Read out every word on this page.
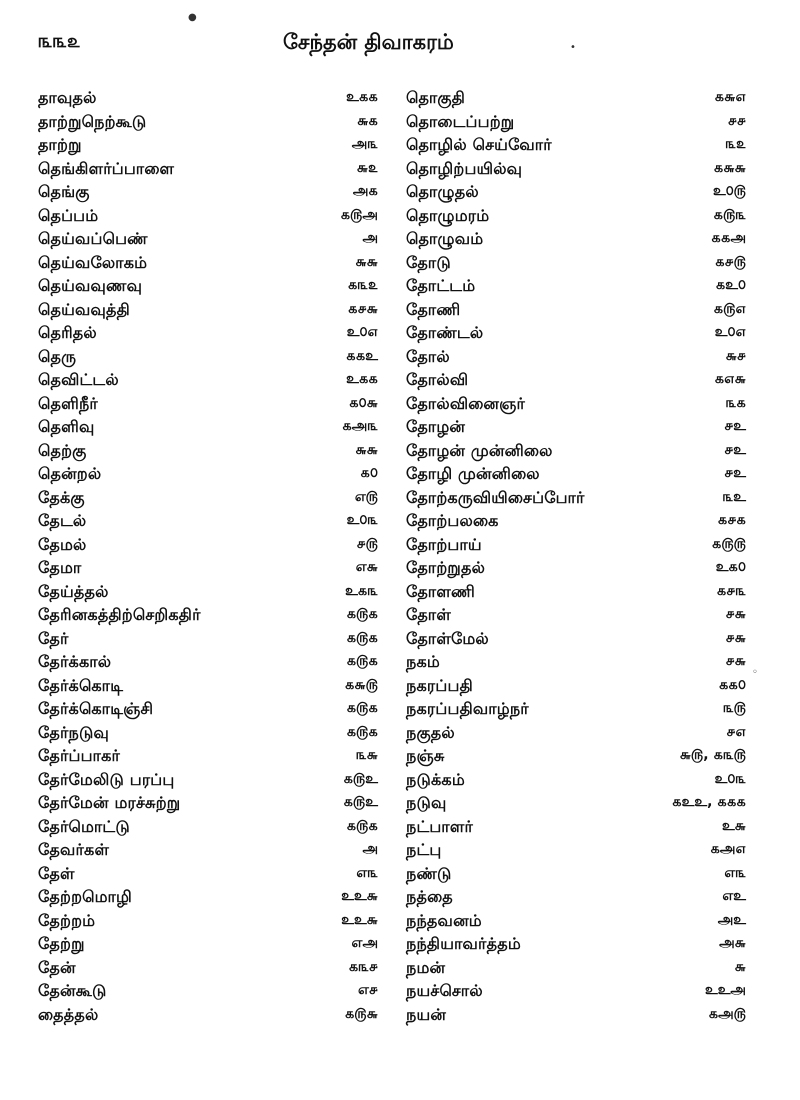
௩௩௨	சேந்தன் திவாகரம்
தாவுதல்	உ௧௧
தாற்றுநெற்கூடு	௬௧
தாற்று	அ௩
தெங்கிளர்ப்பாளை	௬௨
தெங்கு	அ௧
தெப்பம்	௧௫அ
தெய்வப்பெண்	அ
தெய்வலோகம்	௬௬
தெய்வவுணவு	௧௩௨
தெய்வவுத்தி	௧௪௬
தெரிதல்	உ௦௭
தெரு	௧௧உ
தெவிட்டல்	உ௧௧
தெளிநீர்	௧௦௬
தெளிவு	௧அ௩
தெற்கு	௬௬
தென்றல்	௧௦
தேக்கு	எ௫
தேடல்	உ௦௩
தேமல்	௪௫
தேமா	எ௬
தேய்த்தல்	உ௧௩
தேரினகத்திற்செறிகதிர்	௧௫௧
தேர்	௧௫௧
தேர்க்கால்	௧௫௧
தேர்க்கொடி	௧௬௫
தேர்க்கொடிஞ்சி	௧௫௧
தேர்நடுவு	௧௫௧
தேர்ப்பாகர்	௩௬
தேர்மேலிடு பரப்பு	௧௫உ
தேர்மேன் மரச்சுற்று	௧௫உ
தேர்மொட்டு	௧௫௧
தேவர்கள்	அ
தேள்	எ௩
தேற்றமொழி	உஉ௬
தேற்றம்	உஉ௬
தேற்று	எஅ
தேன்	௧௩௪
தேன்கூடு	எ௪
தைத்தல்	௧௫௬
தொகுதி	௧௬௭
தொடைப்பற்று	௪௪
தொழில் செய்வோர்	௩௨
தொழிற்பயில்வு	௧௬௬
தொழுதல்	உ௦௫
தொழுமரம்	௧௫௩
தொழுவம்	௧௧அ
தோடு	௧௪௫
தோட்டம்	௧உ௦
தோணி	௧௫௭
தோண்டல்	உ௦௭
தோல்	௬௪
தோல்வி	௧௭௬
தோல்வினைஞர்	௩௧
தோழன்	௪உ
தோழன் முன்னிலை	௪உ
தோழி முன்னிலை	௪உ
தோற்கருவியிசைப்போர்	௩உ
தோற்பலகை	௧௪௧
தோற்பாய்	௧௫௫
தோற்றுதல்	உ௧௦
தோளணி	௧௪௩
தோள்	௪௬
தோள்மேல்	௪௬
நகம்	௪௬
நகரப்பதி	௧௧௦
நகரப்பதிவாழ்நர்	௩௫
நகுதல்	௪௭
நஞ்சு	௬௫, ௧௩௫
நடுக்கம்	உ௦௩
நடுவு	௧உஉ, ௧௧௧
நட்பாளர்	உ௬
நட்பு	௧அ௭
நண்டு	எ௩
நத்தை	எஉ
நந்தவனம்	அஉ
நந்தியாவர்த்தம்	அ௬
நமன்	௬
நயச்சொல்	உஉஅ
நயன்	௧அ௫
●
•
◦
